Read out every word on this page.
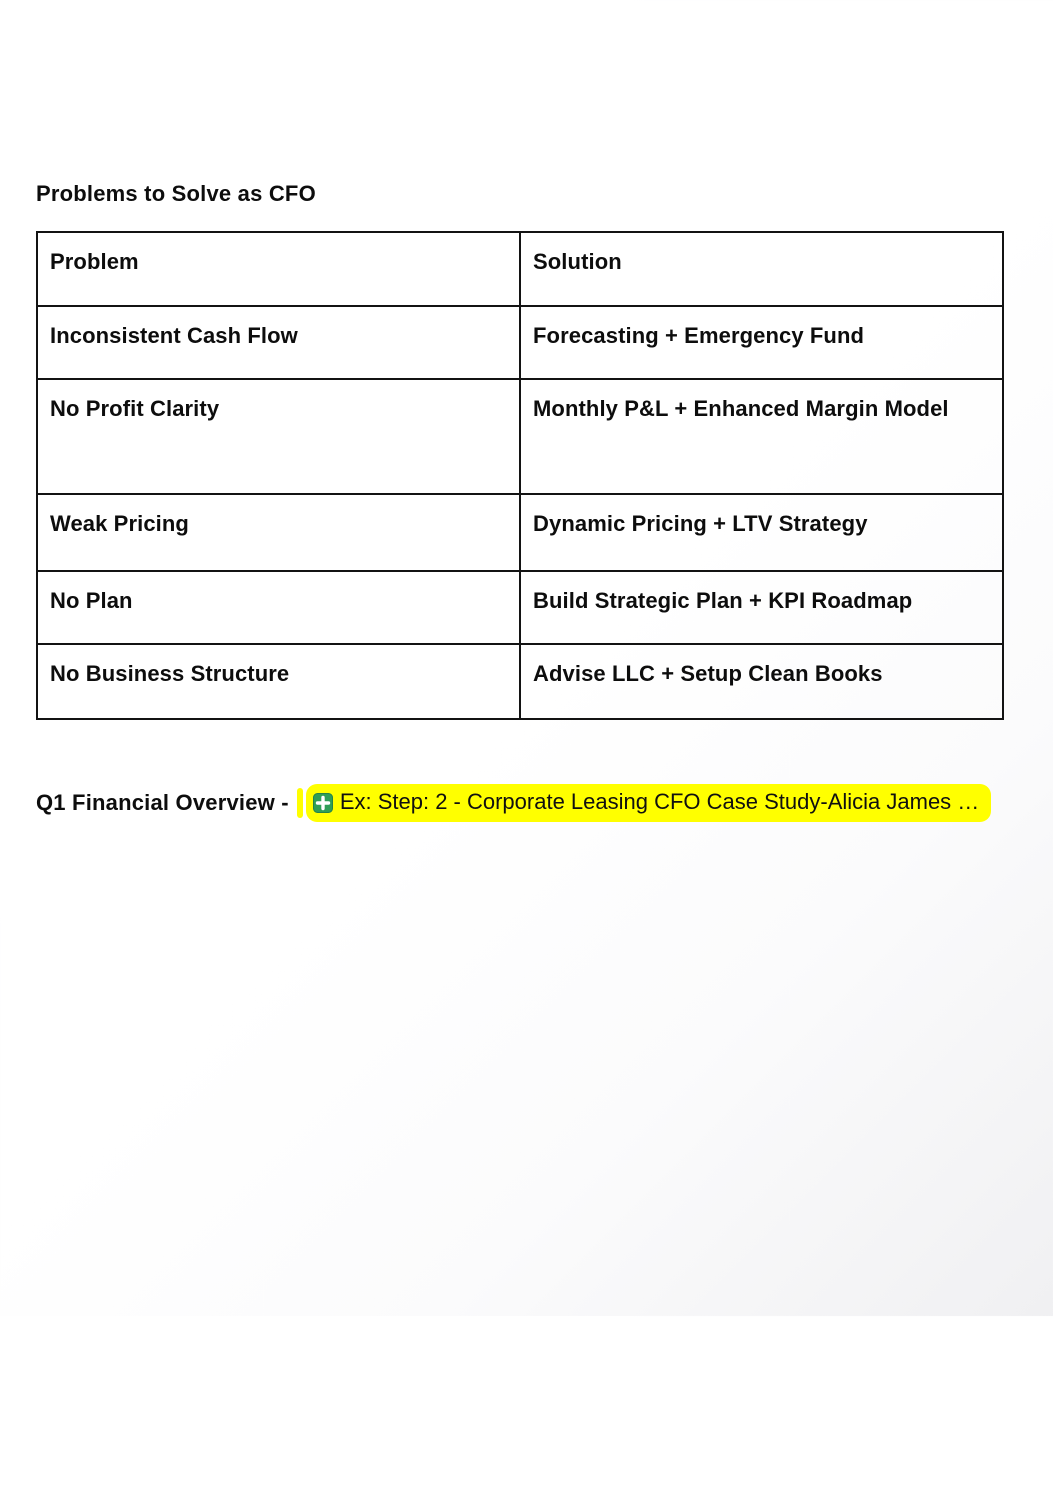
Problems to Solve as CFO
Problem	Solution
Inconsistent Cash Flow	Forecasting + Emergency Fund
No Profit Clarity	Monthly P&L + Enhanced Margin Model
Weak Pricing	Dynamic Pricing + LTV Strategy
No Plan	Build Strategic Plan + KPI Roadmap
No Business Structure	Advise LLC + Setup Clean Books
Q1 Financial Overview - Ex: Step: 2 - Corporate Leasing CFO Case Study-Alicia James …
